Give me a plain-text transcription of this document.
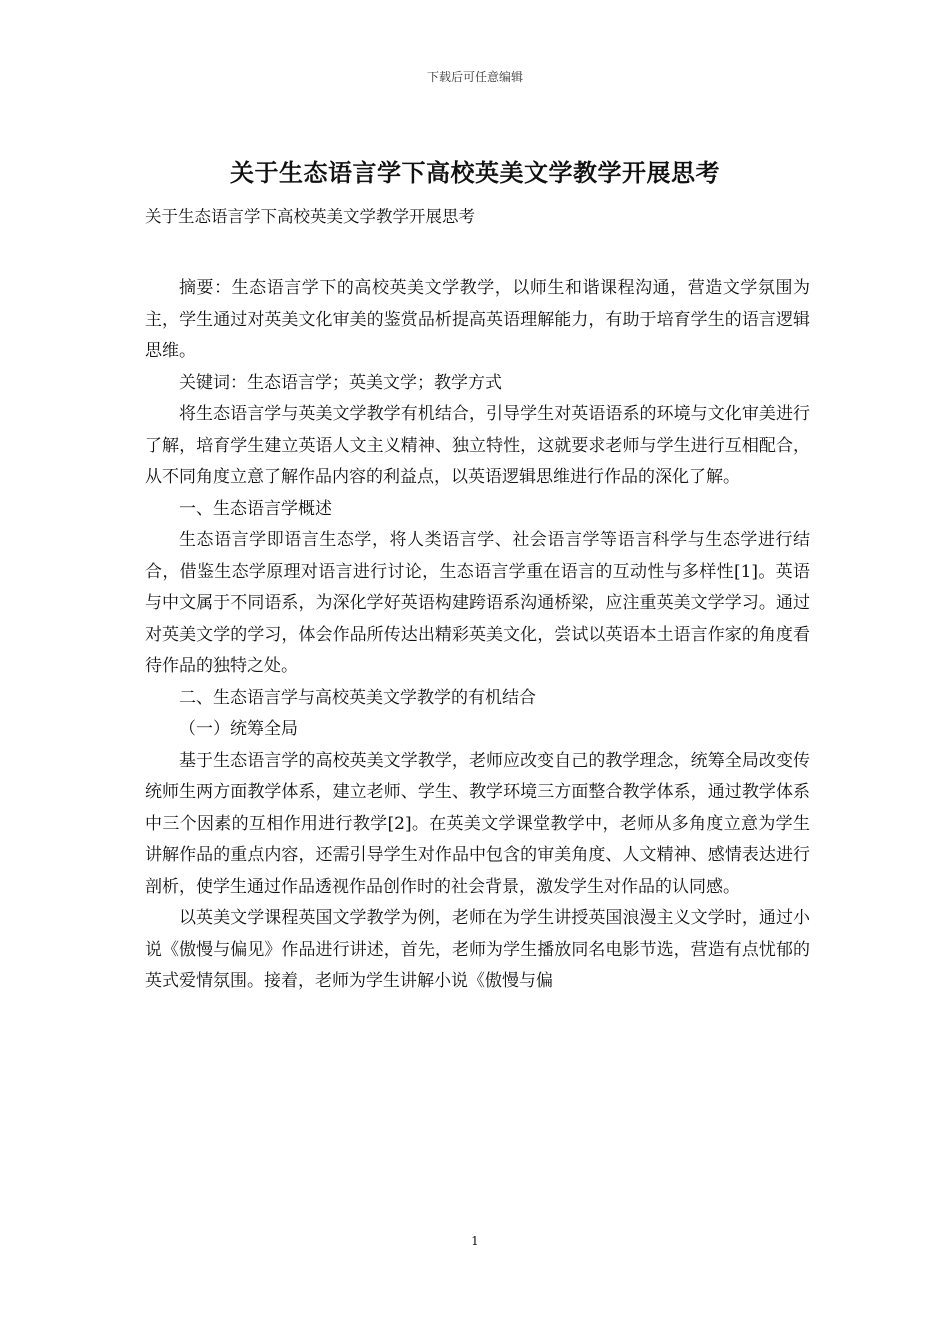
下载后可任意编辑
关于生态语言学下高校英美文学教学开展思考
关于生态语言学下高校英美文学教学开展思考

摘要：生态语言学下的高校英美文学教学，以师生和谐课程沟通，营造文学氛围为主，学生通过对英美文化审美的鉴赏品析提高英语理解能力，有助于培育学生的语言逻辑思维。

关键词：生态语言学；英美文学；教学方式

将生态语言学与英美文学教学有机结合，引导学生对英语语系的环境与文化审美进行了解，培育学生建立英语人文主义精神、独立特性，这就要求老师与学生进行互相配合，从不同角度立意了解作品内容的利益点，以英语逻辑思维进行作品的深化了解。

一、生态语言学概述

生态语言学即语言生态学，将人类语言学、社会语言学等语言科学与生态学进行结合，借鉴生态学原理对语言进行讨论，生态语言学重在语言的互动性与多样性[1]。英语与中文属于不同语系，为深化学好英语构建跨语系沟通桥梁，应注重英美文学学习。通过对英美文学的学习，体会作品所传达出精彩英美文化，尝试以英语本土语言作家的角度看待作品的独特之处。

二、生态语言学与高校英美文学教学的有机结合

（一）统筹全局

基于生态语言学的高校英美文学教学，老师应改变自己的教学理念，统筹全局改变传统师生两方面教学体系，建立老师、学生、教学环境三方面整合教学体系，通过教学体系中三个因素的互相作用进行教学[2]。在英美文学课堂教学中，老师从多角度立意为学生讲解作品的重点内容，还需引导学生对作品中包含的审美角度、人文精神、感情表达进行剖析，使学生通过作品透视作品创作时的社会背景，激发学生对作品的认同感。

以英美文学课程英国文学教学为例，老师在为学生讲授英国浪漫主义文学时，通过小说《傲慢与偏见》作品进行讲述，首先，老师为学生播放同名电影节选，营造有点忧郁的英式爱情氛围。接着，老师为学生讲解小说《傲慢与偏

1
